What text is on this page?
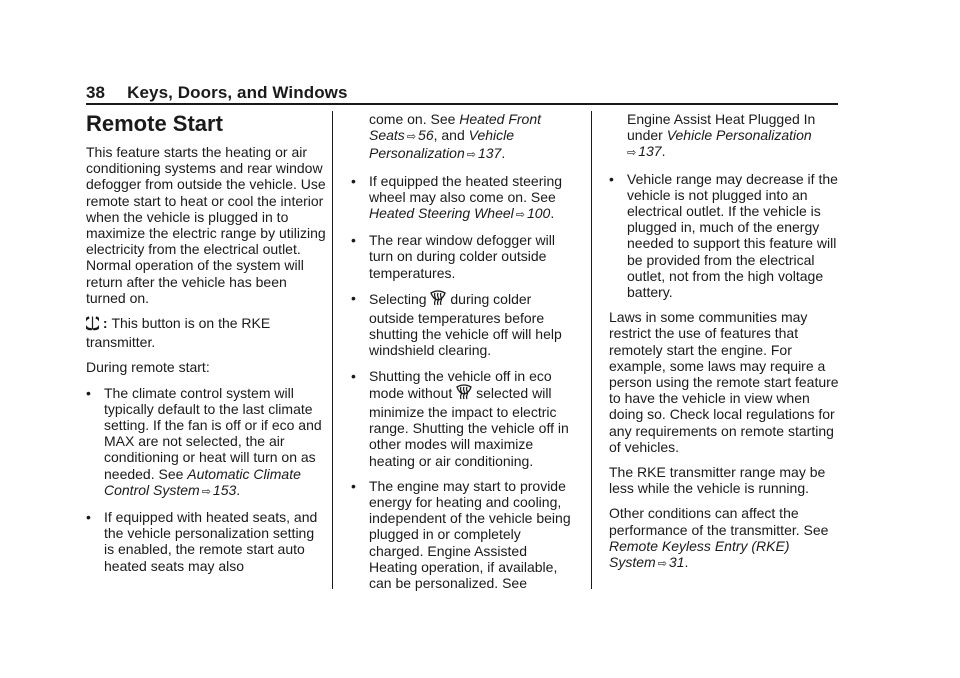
38 Keys, Doors, and Windows
Remote Start

This feature starts the heating or air conditioning systems and rear window defogger from outside the vehicle. Use remote start to heat or cool the interior when the vehicle is plugged in to maximize the electric range by utilizing electricity from the electrical outlet. Normal operation of the system will return after the vehicle has been turned on.

: This button is on the RKE transmitter.

During remote start:

• The climate control system will typically default to the last climate setting. If the fan is off or if eco and MAX are not selected, the air conditioning or heat will turn on as needed. See Automatic Climate Control System ⇨ 153.
• If equipped with heated seats, and the vehicle personalization setting is enabled, the remote start auto heated seats may also
come on. See Heated Front Seats ⇨ 56, and Vehicle Personalization ⇨ 137.
• If equipped the heated steering wheel may also come on. See Heated Steering Wheel ⇨ 100.
• The rear window defogger will turn on during colder outside temperatures.
• Selecting during colder outside temperatures before shutting the vehicle off will help windshield clearing.
• Shutting the vehicle off in eco mode without selected will minimize the impact to electric range. Shutting the vehicle off in other modes will maximize heating or air conditioning.
• The engine may start to provide energy for heating and cooling, independent of the vehicle being plugged in or completely charged. Engine Assisted Heating operation, if available, can be personalized. See
Engine Assist Heat Plugged In under Vehicle Personalization
⇨ 137.
• Vehicle range may decrease if the vehicle is not plugged into an electrical outlet. If the vehicle is plugged in, much of the energy needed to support this feature will be provided from the electrical outlet, not from the high voltage battery.

Laws in some communities may restrict the use of features that remotely start the engine. For example, some laws may require a person using the remote start feature to have the vehicle in view when doing so. Check local regulations for any requirements on remote starting of vehicles.

The RKE transmitter range may be less while the vehicle is running.

Other conditions can affect the performance of the transmitter. See Remote Keyless Entry (RKE) System ⇨ 31.
